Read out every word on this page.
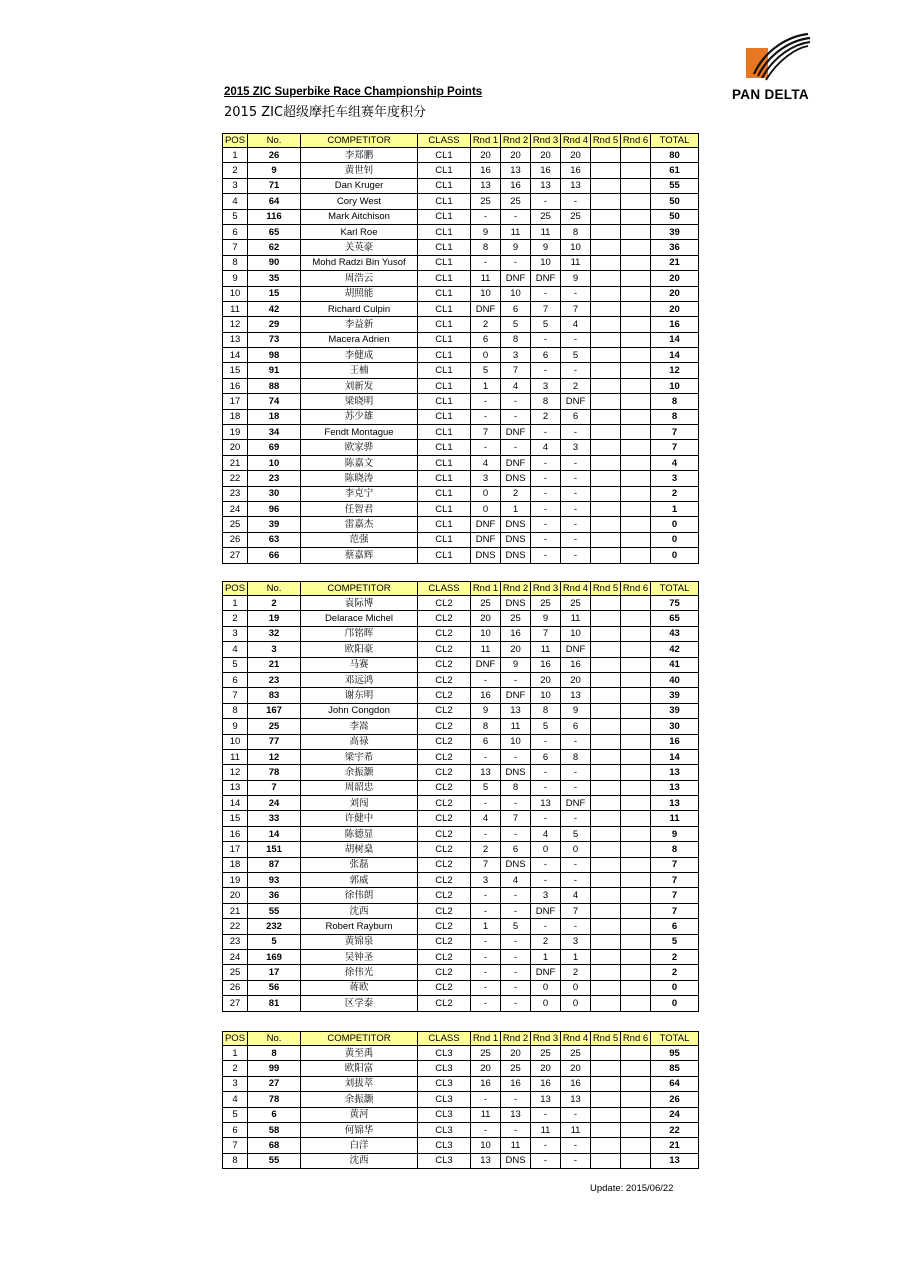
2015 ZIC Superbike Race Championship Points
2015 ZIC超级摩托车组赛年度积分
PAN DELTA
POS	No.	COMPETITOR	CLASS	Rnd 1	Rnd 2	Rnd 3	Rnd 4	Rnd 5	Rnd 6	TOTAL
1	26	李郑鹏	CL1	20	20	20	20			80
2	9	黄世钊	CL1	16	13	16	16			61
3	71	Dan Kruger	CL1	13	16	13	13			55
4	64	Cory West	CL1	25	25	-	-			50
5	116	Mark Aitchison	CL1	-	-	25	25			50
6	65	Karl Roe	CL1	9	11	11	8			39
7	62	关英豪	CL1	8	9	9	10			36
8	90	Mohd Radzi Bin Yusof	CL1	-	-	10	11			21
9	35	周浩云	CL1	11	DNF	DNF	9			20
10	15	胡照能	CL1	10	10	-	-			20
11	42	Richard Culpin	CL1	DNF	6	7	7			20
12	29	李益新	CL1	2	5	5	4			16
13	73	Macera Adrien	CL1	6	8	-	-			14
14	98	李健成	CL1	0	3	6	5			14
15	91	王楠	CL1	5	7	-	-			12
16	88	刘新发	CL1	1	4	3	2			10
17	74	梁晓明	CL1	-	-	8	DNF			8
18	18	苏少雄	CL1	-	-	2	6			8
19	34	Fendt Montague	CL1	7	DNF	-	-			7
20	69	欧家骅	CL1	-	-	4	3			7
21	10	陈嘉文	CL1	4	DNF	-	-			4
22	23	陈晓涛	CL1	3	DNS	-	-			3
23	30	李克宁	CL1	0	2	-	-			2
24	96	任智君	CL1	0	1	-	-			1
25	39	雷嘉杰	CL1	DNF	DNS	-	-			0
26	63	范强	CL1	DNF	DNS	-	-			0
27	66	蔡嘉辉	CL1	DNS	DNS	-	-			0
POS	No.	COMPETITOR	CLASS	Rnd 1	Rnd 2	Rnd 3	Rnd 4	Rnd 5	Rnd 6	TOTAL
1	2	袁际博	CL2	25	DNS	25	25			75
2	19	Delarace Michel	CL2	20	25	9	11			65
3	32	邝铭晖	CL2	10	16	7	10			43
4	3	欧阳豪	CL2	11	20	11	DNF			42
5	21	马赛	CL2	DNF	9	16	16			41
6	23	邓远鸿	CL2	-	-	20	20			40
7	83	谢东明	CL2	16	DNF	10	13			39
8	167	John Congdon	CL2	9	13	8	9			39
9	25	李嵩	CL2	8	11	5	6			30
10	77	高禄	CL2	6	10	-	-			16
11	12	梁宇希	CL2	-	-	6	8			14
12	78	余振灏	CL2	13	DNS	-	-			13
13	7	周韶忠	CL2	5	8	-	-			13
14	24	刘闯	CL2	-	-	13	DNF			13
15	33	许健中	CL2	4	7	-	-			11
16	14	陈德显	CL2	-	-	4	5			9
17	151	胡树燊	CL2	2	6	0	0			8
18	87	张磊	CL2	7	DNS	-	-			7
19	93	郭威	CL2	3	4	-	-			7
20	36	徐伟朗	CL2	-	-	3	4			7
21	55	沈西	CL2	-	-	DNF	7			7
22	232	Robert Rayburn	CL2	1	5	-	-			6
23	5	黄锦泉	CL2	-	-	2	3			5
24	169	吴钟圣	CL2	-	-	1	1			2
25	17	徐伟光	CL2	-	-	DNF	2			2
26	56	蒋欧	CL2	-	-	0	0			0
27	81	区学泰	CL2	-	-	0	0			0
POS	No.	COMPETITOR	CLASS	Rnd 1	Rnd 2	Rnd 3	Rnd 4	Rnd 5	Rnd 6	TOTAL
1	8	黄至禹	CL3	25	20	25	25			95
2	99	欧阳富	CL3	20	25	20	20			85
3	27	刘拔萃	CL3	16	16	16	16			64
4	78	余振灏	CL3	-	-	13	13			26
5	6	黄河	CL3	11	13	-	-			24
6	58	何锦华	CL3	-	-	11	11			22
7	68	白洋	CL3	10	11	-	-			21
8	55	沈西	CL3	13	DNS	-	-			13
Update: 2015/06/22
